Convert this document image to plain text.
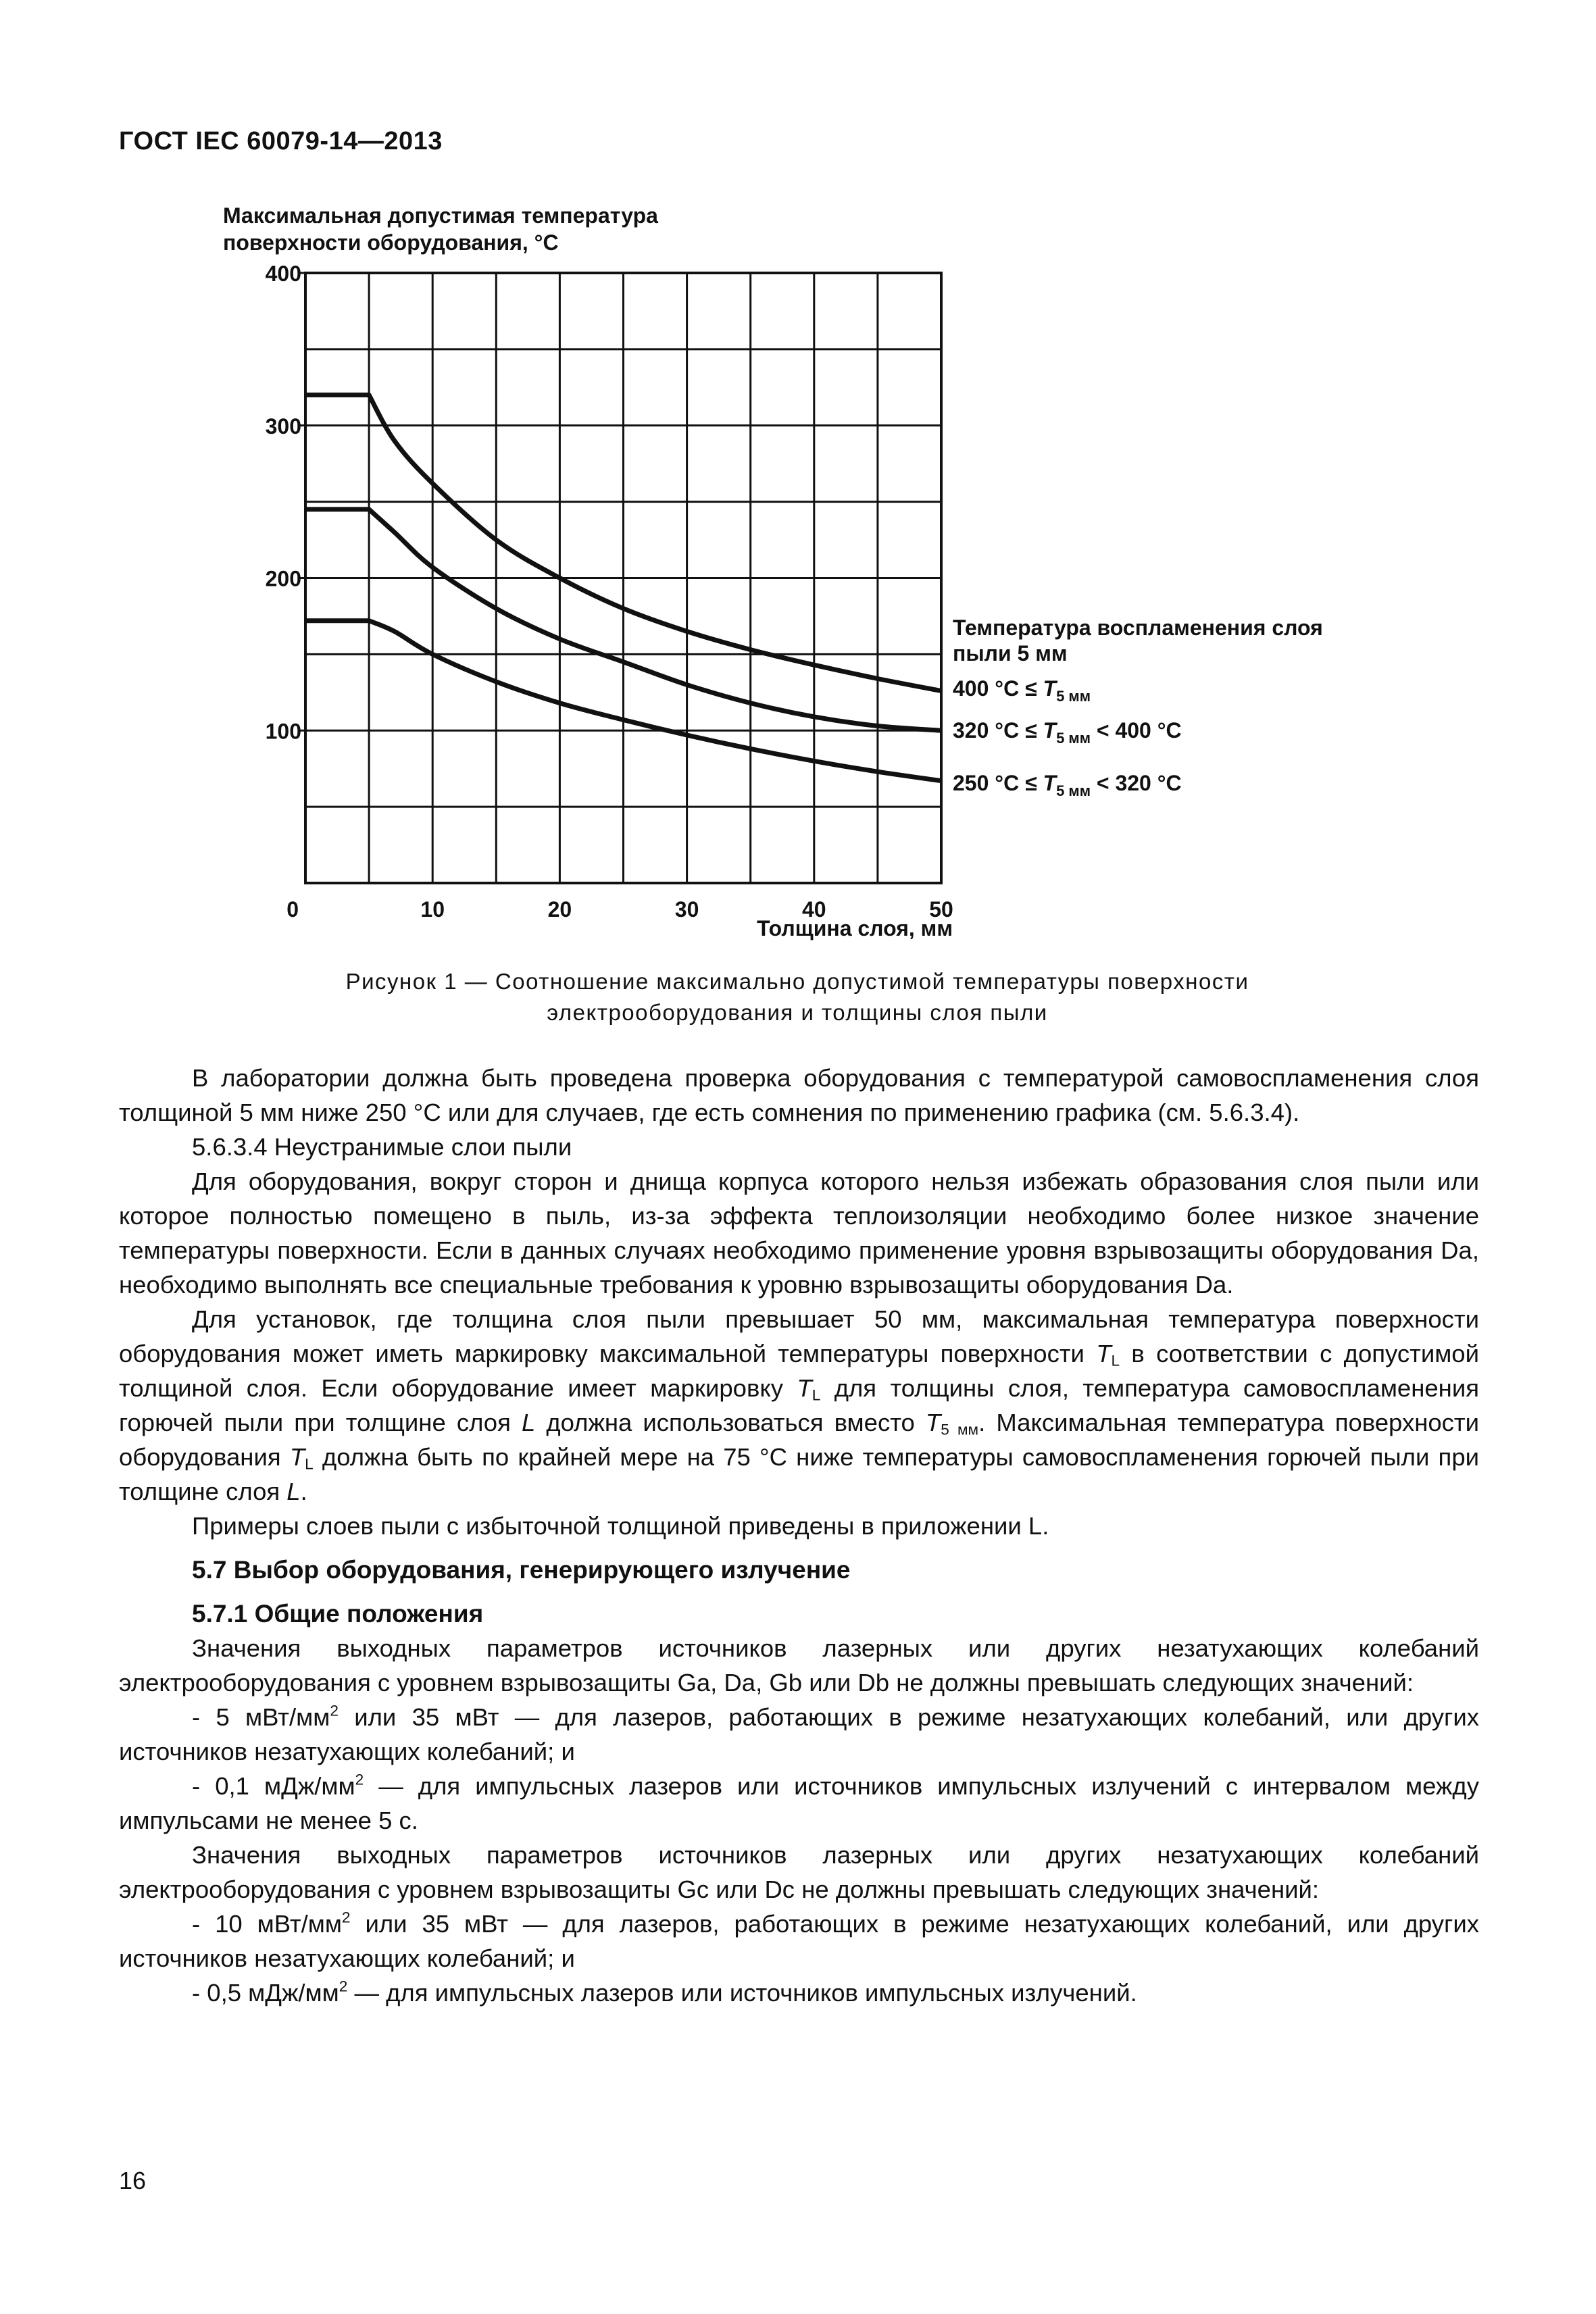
ГОСТ IEC 60079-14—2013
Максимальная допустимая температура
поверхности оборудования, °С
0	10	20	30	40	50
100
200
300
400
Толщина слоя, мм
Температура воспламенения слоя
пыли 5 мм
400 $^\circ С \le T_{5 мм}$
320 $^\circ С \le T_{5 мм} < 400$ °С
250 $^\circ С \le T_{5 мм} < 320$ °С
Рисунок 1 — Соотношение максимально допустимой температуры поверхности
электрооборудования и толщины слоя пыли

В лаборатории должна быть проведена проверка оборудования с температурой самовоспламенения слоя толщиной 5 мм ниже 250 °С или для случаев, где есть сомнения по применению графика (см. 5.6.3.4).

5.6.3.4 Неустранимые слои пыли

Для оборудования, вокруг сторон и днища корпуса которого нельзя избежать образования слоя пыли или которое полностью помещено в пыль, из-за эффекта теплоизоляции необходимо более низкое значение температуры поверхности. Если в данных случаях необходимо применение уровня взрывозащиты оборудования Da, необходимо выполнять все специальные требования к уровню взрывозащиты оборудования Da.

Для установок, где толщина слоя пыли превышает 50 мм, максимальная температура поверхности оборудования может иметь маркировку максимальной температуры поверхности $T_L$ в соответствии с допустимой толщиной слоя. Если оборудование имеет маркировку $T_L$ для толщины слоя, температура самовоспламенения горючей пыли при толщине слоя L должна использоваться вместо $T_{5 мм}$. Максимальная температура поверхности оборудования $T_L$ должна быть по крайней мере на 75 °С ниже температуры самовоспламенения горючей пыли при толщине слоя L.

Примеры слоев пыли с избыточной толщиной приведены в приложении L.

5.7 Выбор оборудования, генерирующего излучение

5.7.1 Общие положения

Значения выходных параметров источников лазерных или других незатухающих колебаний электрооборудования с уровнем взрывозащиты Ga, Da, Gb или Db не должны превышать следующих значений:

- 5 мВт/$мм^2$ или 35 мВт — для лазеров, работающих в режиме незатухающих колебаний, или других источников незатухающих колебаний; и

- 0,1 мДж/$мм^2$ — для импульсных лазеров или источников импульсных излучений с интервалом между импульсами не менее 5 с.

Значения выходных параметров источников лазерных или других незатухающих колебаний электрооборудования с уровнем взрывозащиты Gc или Dc не должны превышать следующих значений:

- 10 мВт/$мм^2$ или 35 мВт — для лазеров, работающих в режиме незатухающих колебаний, или других источников незатухающих колебаний; и

- 0,5 мДж/$мм^2$ — для импульсных лазеров или источников импульсных излучений.

16
